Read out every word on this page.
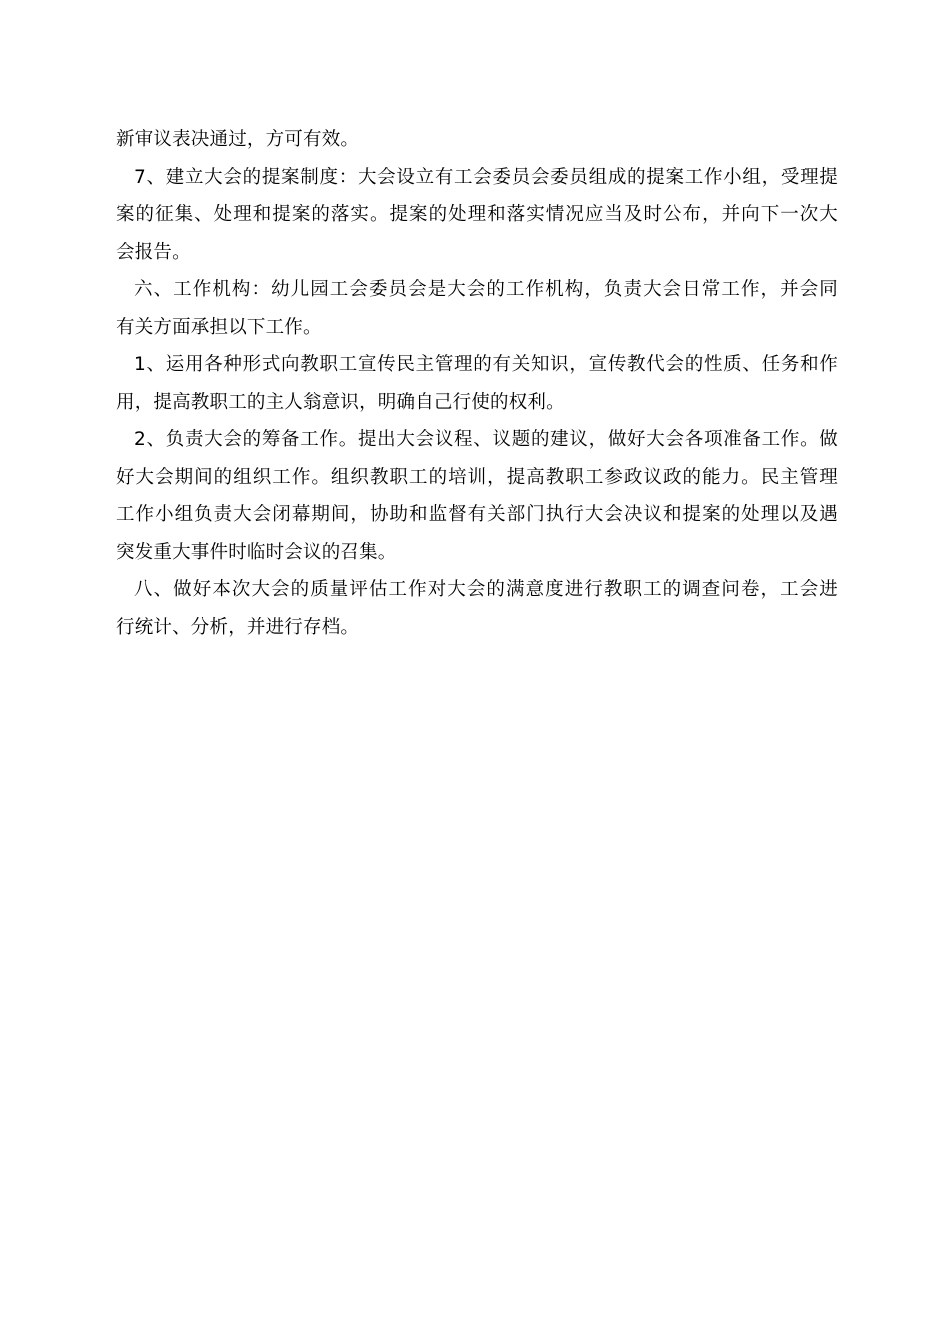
新审议表决通过，方可有效。
7、建立大会的提案制度：大会设立有工会委员会委员组成的提案工作小组，受理提
案的征集、处理和提案的落实。提案的处理和落实情况应当及时公布，并向下一次大
会报告。
六、工作机构：幼儿园工会委员会是大会的工作机构，负责大会日常工作，并会同
有关方面承担以下工作。
1、运用各种形式向教职工宣传民主管理的有关知识，宣传教代会的性质、任务和作
用，提高教职工的主人翁意识，明确自己行使的权利。
2、负责大会的筹备工作。提出大会议程、议题的建议，做好大会各项准备工作。做
好大会期间的组织工作。组织教职工的培训，提高教职工参政议政的能力。民主管理
工作小组负责大会闭幕期间，协助和监督有关部门执行大会决议和提案的处理以及遇
突发重大事件时临时会议的召集。
八、做好本次大会的质量评估工作对大会的满意度进行教职工的调查问卷，工会进
行统计、分析，并进行存档。
